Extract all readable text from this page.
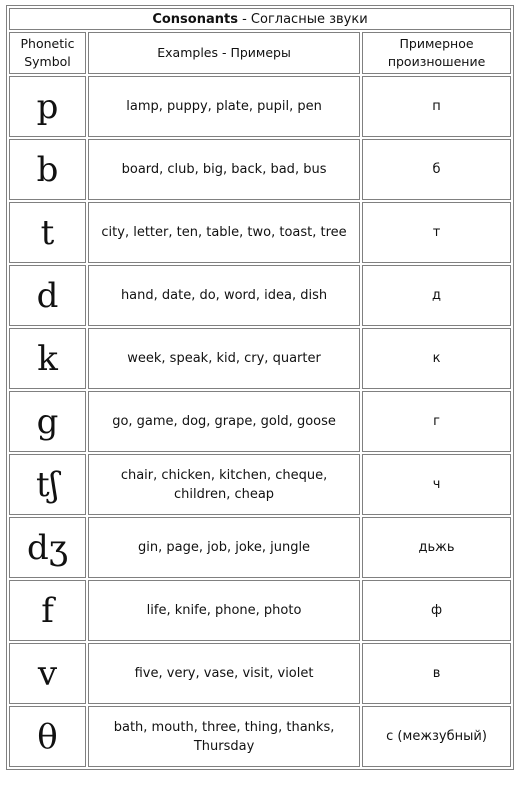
Consonants - Согласные звуки		
Phonetic Symbol	Examples - Примеры	Примерное произношение
p	lamp, puppy, plate, pupil, pen	п
b	board, club, big, back, bad, bus	б
t	city, letter, ten, table, two, toast, tree	т
d	hand, date, do, word, idea, dish	д
k	week, speak, kid, cry, quarter	к
g	go, game, dog, grape, gold, goose	г
tʃ	chair, chicken, kitchen, cheque, children, cheap	ч
dʒ	gin, page, job, joke, jungle	дьжь
f	life, knife, phone, photo	ф
v	five, very, vase, visit, violet	в
θ	bath, mouth, three, thing, thanks, Thursday	с (межзубный)
